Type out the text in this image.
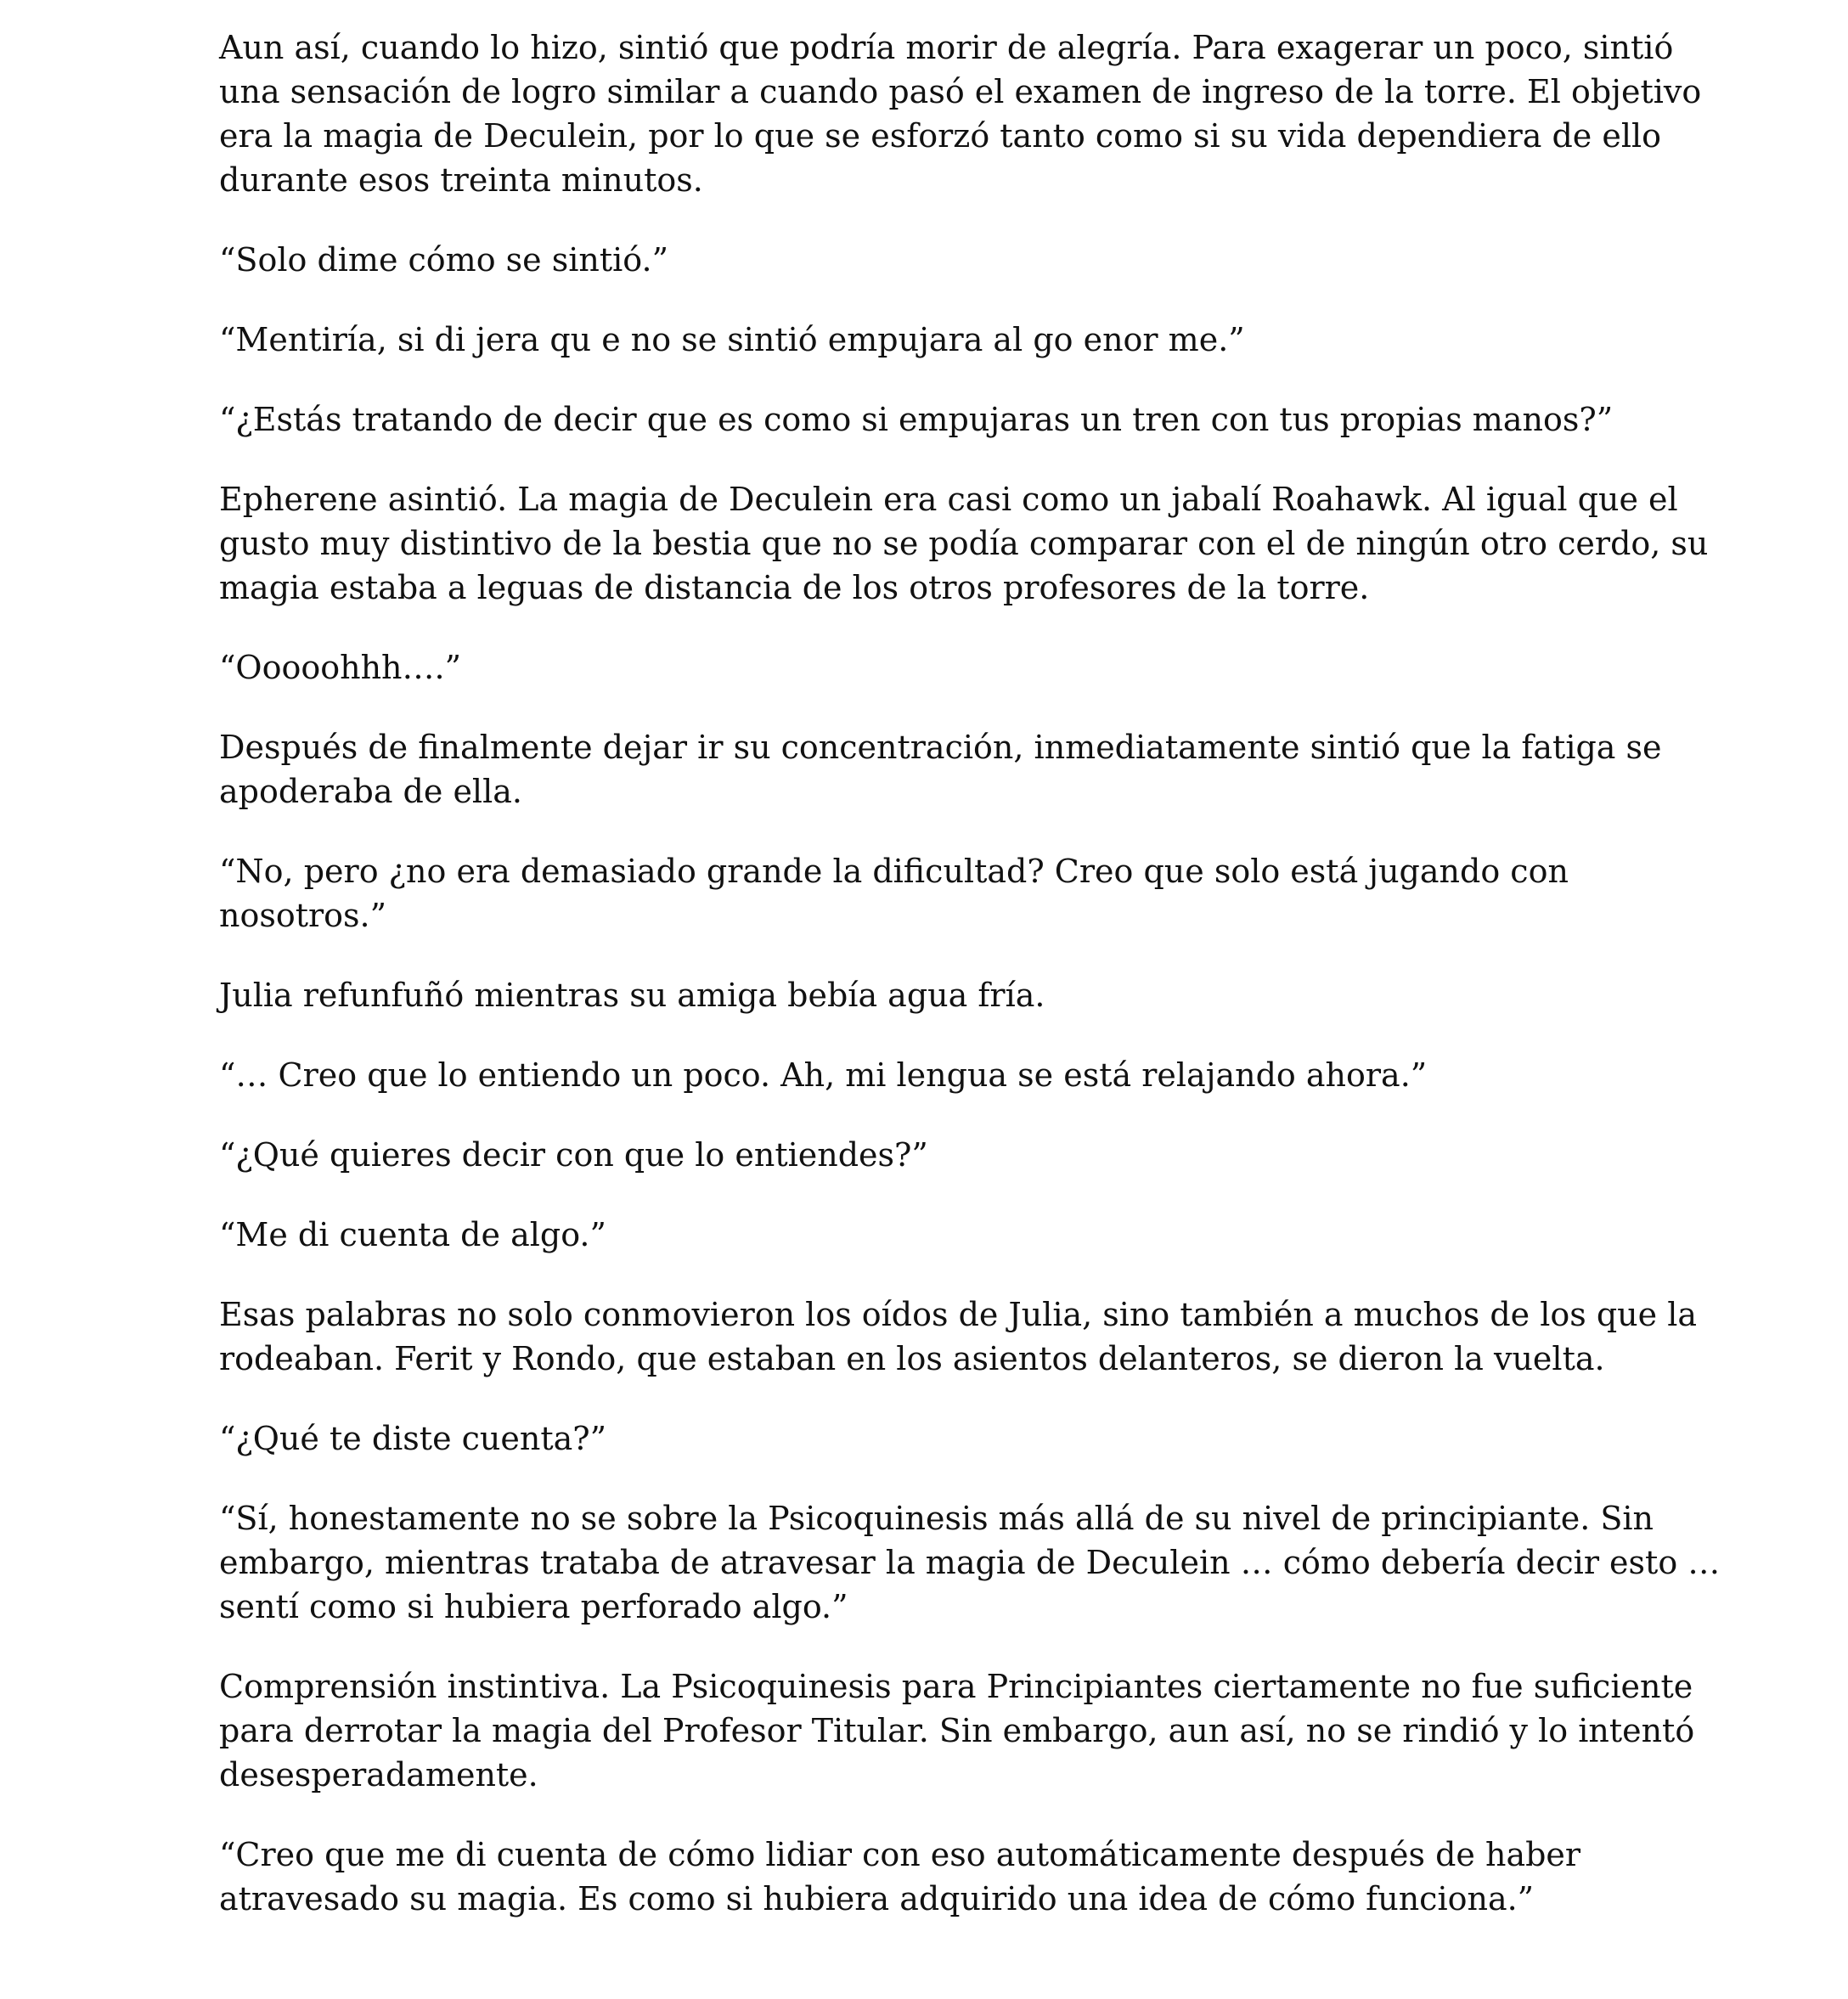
Aun así, cuando lo hizo, sintió que podría morir de alegría. Para exagerar un poco, sintió
una sensación de logro similar a cuando pasó el examen de ingreso de la torre. El objetivo
era la magia de Deculein, por lo que se esforzó tanto como si su vida dependiera de ello
durante esos treinta minutos.

“Solo dime cómo se sintió.”

“Mentiría, si di jera qu e no se sintió empujara al go enor me.”

“¿Estás tratando de decir que es como si empujaras un tren con tus propias manos?”

Epherene asintió. La magia de Deculein era casi como un jabalí Roahawk. Al igual que el
gusto muy distintivo de la bestia que no se podía comparar con el de ningún otro cerdo, su
magia estaba a leguas de distancia de los otros profesores de la torre.

“Ooooohhh….”

Después de finalmente dejar ir su concentración, inmediatamente sintió que la fatiga se
apoderaba de ella.

“No, pero ¿no era demasiado grande la dificultad? Creo que solo está jugando con
nosotros.”

Julia refunfuñó mientras su amiga bebía agua fría.

“… Creo que lo entiendo un poco. Ah, mi lengua se está relajando ahora.”

“¿Qué quieres decir con que lo entiendes?”

“Me di cuenta de algo.”

Esas palabras no solo conmovieron los oídos de Julia, sino también a muchos de los que la
rodeaban. Ferit y Rondo, que estaban en los asientos delanteros, se dieron la vuelta.

“¿Qué te diste cuenta?”

“Sí, honestamente no se sobre la Psicoquinesis más allá de su nivel de principiante. Sin
embargo, mientras trataba de atravesar la magia de Deculein … cómo debería decir esto …
sentí como si hubiera perforado algo.”

Comprensión instintiva. La Psicoquinesis para Principiantes ciertamente no fue suficiente
para derrotar la magia del Profesor Titular. Sin embargo, aun así, no se rindió y lo intentó
desesperadamente.

“Creo que me di cuenta de cómo lidiar con eso automáticamente después de haber
atravesado su magia. Es como si hubiera adquirido una idea de cómo funciona.”
